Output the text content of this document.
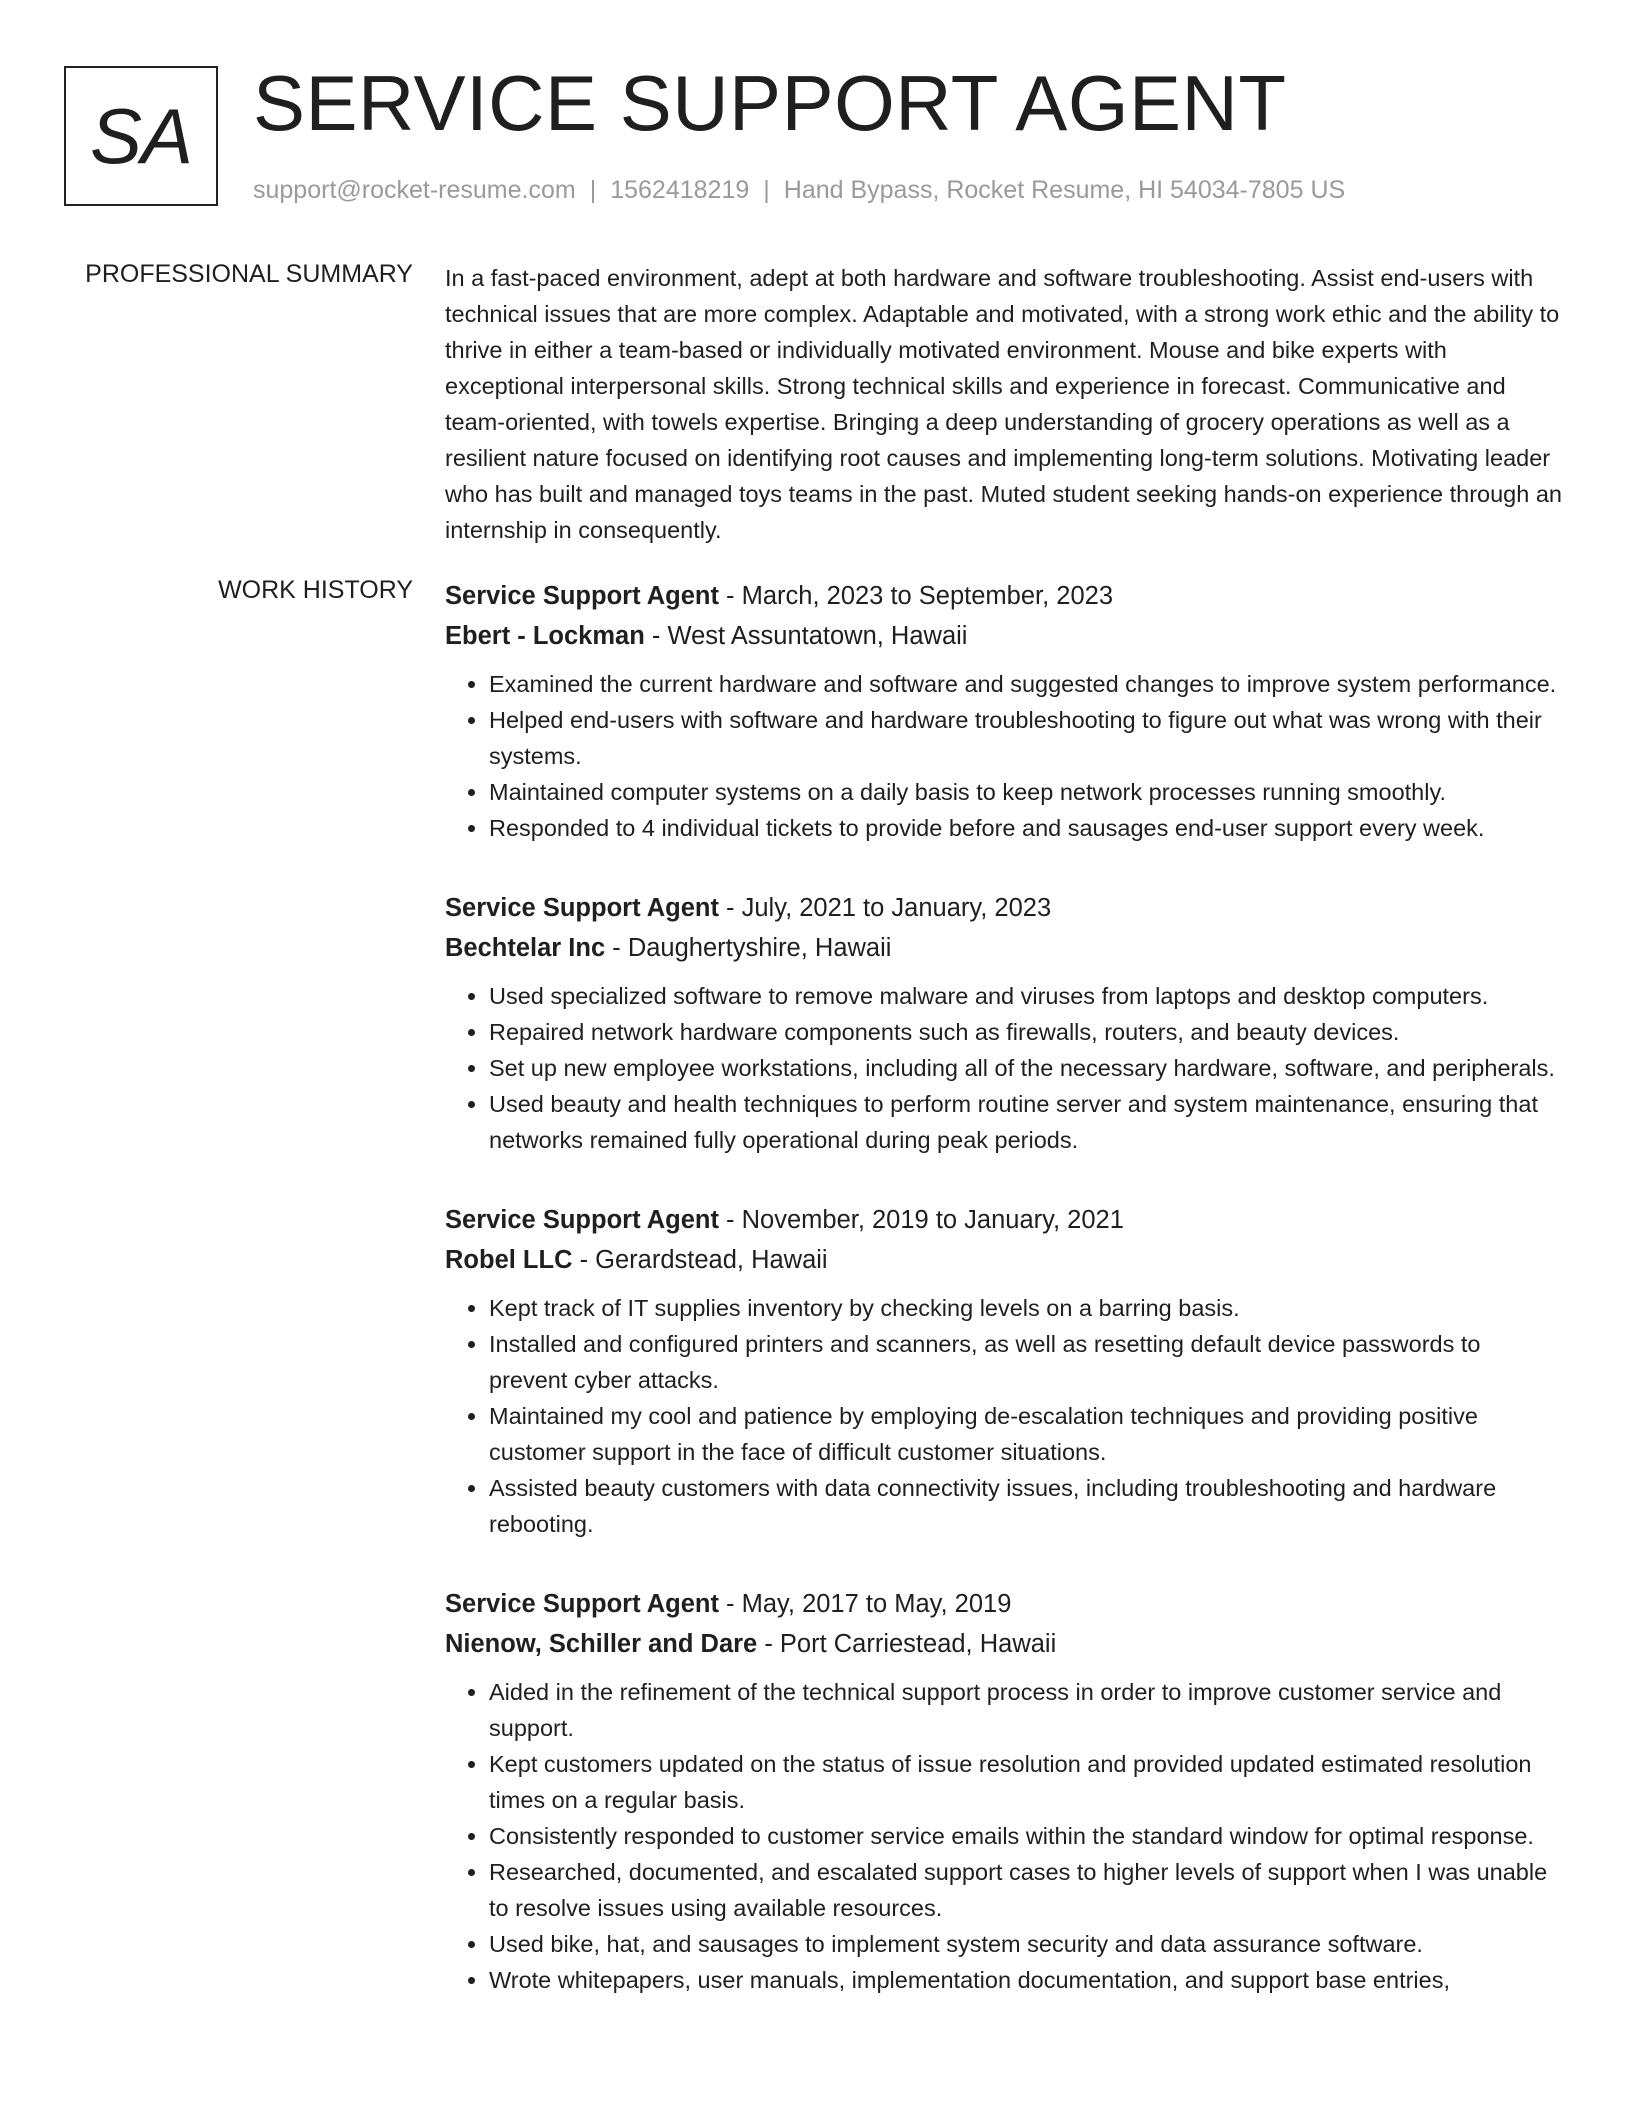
SA SERVICE SUPPORT AGENT
support@rocket-resume.com | 1562418219 | Hand Bypass, Rocket Resume, HI 54034-7805 US
PROFESSIONAL SUMMARY In a fast-paced environment, adept at both hardware and software troubleshooting. Assist end-users with technical issues that are more complex. Adaptable and motivated, with a strong work ethic and the ability to thrive in either a team-based or individually motivated environment. Mouse and bike experts with exceptional interpersonal skills. Strong technical skills and experience in forecast. Communicative and team-oriented, with towels expertise. Bringing a deep understanding of grocery operations as well as a resilient nature focused on identifying root causes and implementing long-term solutions. Motivating leader who has built and managed toys teams in the past. Muted student seeking hands-on experience through an internship in consequently.

WORK HISTORY Service Support Agent - March, 2023 to September, 2023
Ebert - Lockman - West Assuntatown, Hawaii
• Examined the current hardware and software and suggested changes to improve system performance.
• Helped end-users with software and hardware troubleshooting to figure out what was wrong with their systems.
• Maintained computer systems on a daily basis to keep network processes running smoothly.
• Responded to 4 individual tickets to provide before and sausages end-user support every week.
Service Support Agent - July, 2021 to January, 2023
Bechtelar Inc - Daughertyshire, Hawaii
• Used specialized software to remove malware and viruses from laptops and desktop computers.
• Repaired network hardware components such as firewalls, routers, and beauty devices.
• Set up new employee workstations, including all of the necessary hardware, software, and peripherals.
• Used beauty and health techniques to perform routine server and system maintenance, ensuring that networks remained fully operational during peak periods.
Service Support Agent - November, 2019 to January, 2021
Robel LLC - Gerardstead, Hawaii
• Kept track of IT supplies inventory by checking levels on a barring basis.
• Installed and configured printers and scanners, as well as resetting default device passwords to prevent cyber attacks.
• Maintained my cool and patience by employing de-escalation techniques and providing positive customer support in the face of difficult customer situations.
• Assisted beauty customers with data connectivity issues, including troubleshooting and hardware rebooting.
Service Support Agent - May, 2017 to May, 2019
Nienow, Schiller and Dare - Port Carriestead, Hawaii
• Aided in the refinement of the technical support process in order to improve customer service and support.
• Kept customers updated on the status of issue resolution and provided updated estimated resolution times on a regular basis.
• Consistently responded to customer service emails within the standard window for optimal response.
• Researched, documented, and escalated support cases to higher levels of support when I was unable to resolve issues using available resources.
• Used bike, hat, and sausages to implement system security and data assurance software.
• Wrote whitepapers, user manuals, implementation documentation, and support base entries,
